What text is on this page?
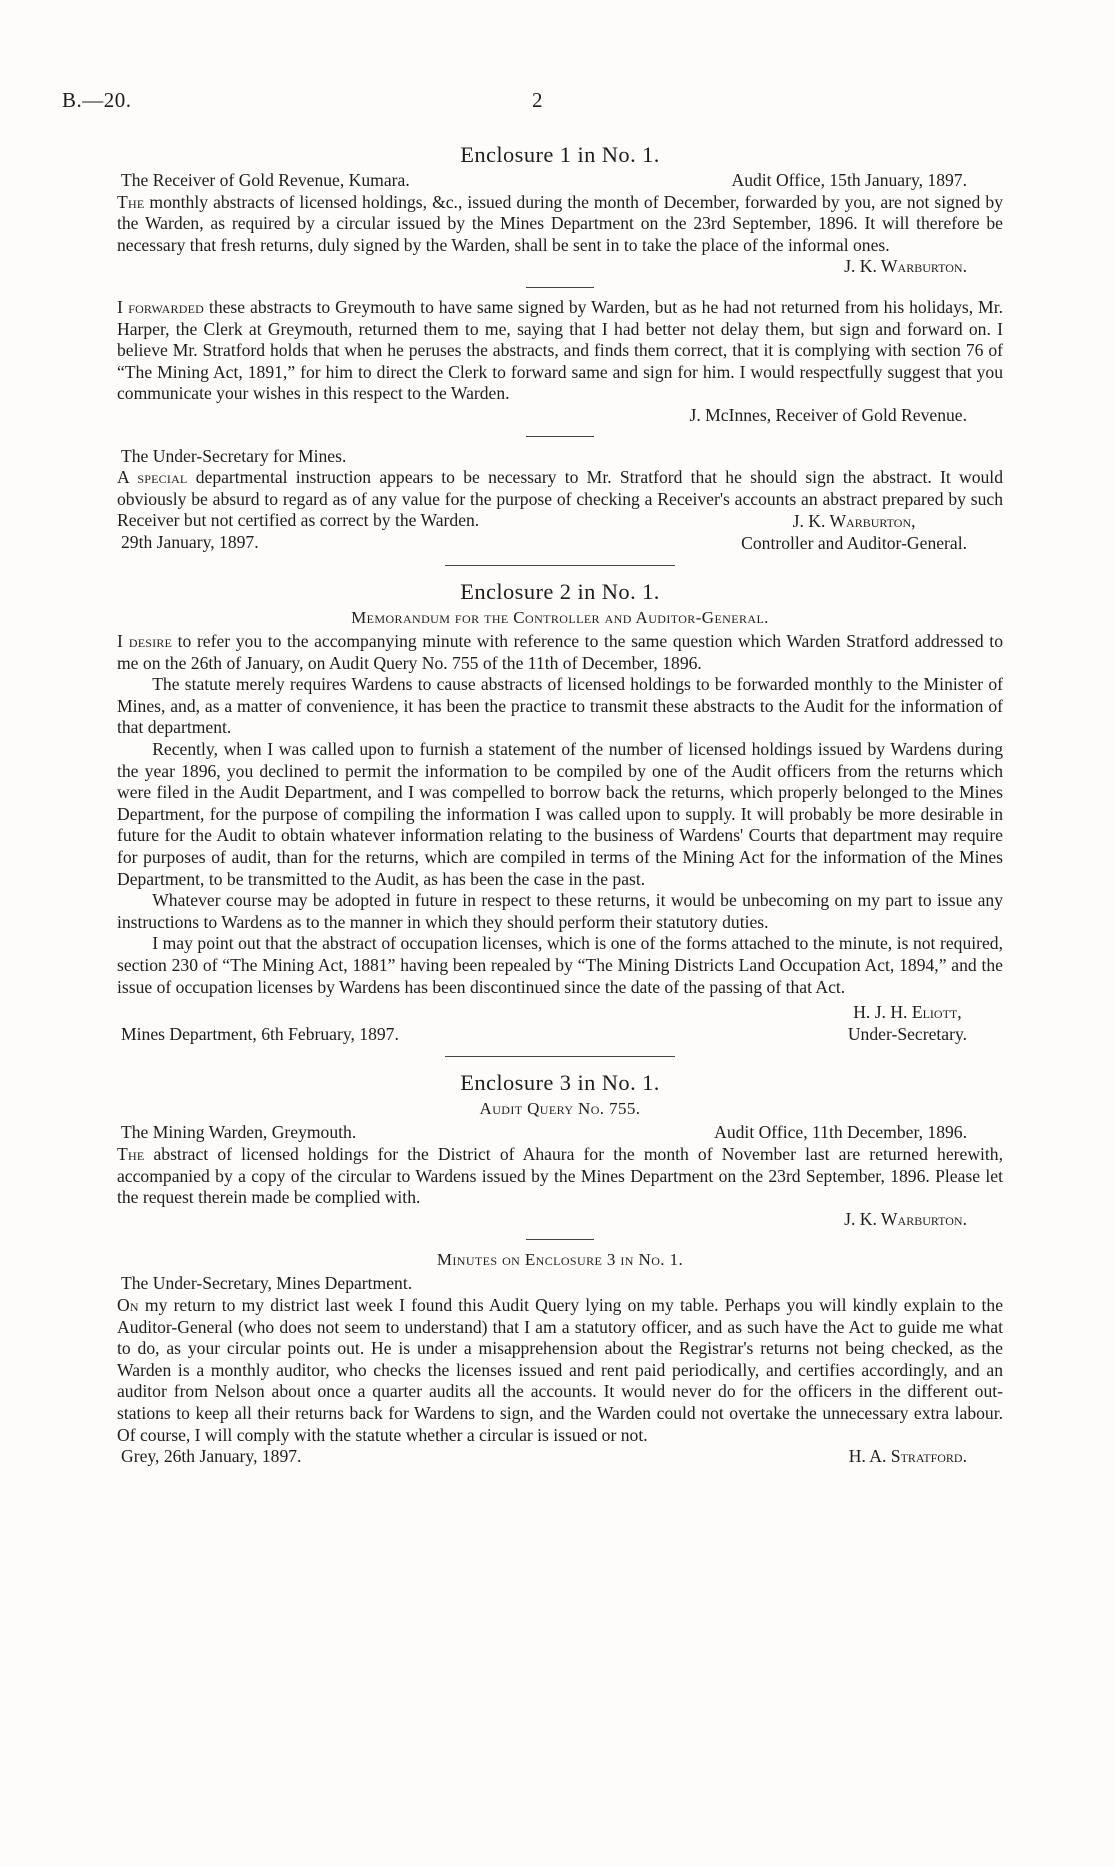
B.—20.	2
Enclosure 1 in No. 1.
The Receiver of Gold Revenue, Kumara.	Audit Office, 15th January, 1897.

The monthly abstracts of licensed holdings, &c., issued during the month of December, forwarded by you, are not signed by the Warden, as required by a circular issued by the Mines Department on the 23rd September, 1896. It will therefore be necessary that fresh returns, duly signed by the Warden, shall be sent in to take the place of the informal ones.

J. K. Warburton.

I forwarded these abstracts to Greymouth to have same signed by Warden, but as he had not returned from his holidays, Mr. Harper, the Clerk at Greymouth, returned them to me, saying that I had better not delay them, but sign and forward on. I believe Mr. Stratford holds that when he peruses the abstracts, and finds them correct, that it is complying with section 76 of “The Mining Act, 1891,” for him to direct the Clerk to forward same and sign for him. I would respectfully suggest that you communicate your wishes in this respect to the Warden.

J. McInnes, Receiver of Gold Revenue.
The Under-Secretary for Mines.

A special departmental instruction appears to be necessary to Mr. Stratford that he should sign the abstract. It would obviously be absurd to regard as of any value for the purpose of checking a Receiver's accounts an abstract prepared by such Receiver but not certified as correct by the Warden.

29th January, 1897.
J. K. Warburton,
Controller and Auditor-General.
Enclosure 2 in No. 1.
Memorandum for the Controller and Auditor-General.

I desire to refer you to the accompanying minute with reference to the same question which Warden Stratford addressed to me on the 26th of January, on Audit Query No. 755 of the 11th of December, 1896.

The statute merely requires Wardens to cause abstracts of licensed holdings to be forwarded monthly to the Minister of Mines, and, as a matter of convenience, it has been the practice to transmit these abstracts to the Audit for the information of that department.

Recently, when I was called upon to furnish a statement of the number of licensed holdings issued by Wardens during the year 1896, you declined to permit the information to be compiled by one of the Audit officers from the returns which were filed in the Audit Department, and I was compelled to borrow back the returns, which properly belonged to the Mines Department, for the purpose of compiling the information I was called upon to supply. It will probably be more desirable in future for the Audit to obtain whatever information relating to the business of Wardens' Courts that department may require for purposes of audit, than for the returns, which are compiled in terms of the Mining Act for the information of the Mines Department, to be transmitted to the Audit, as has been the case in the past.

Whatever course may be adopted in future in respect to these returns, it would be unbecoming on my part to issue any instructions to Wardens as to the manner in which they should perform their statutory duties.

I may point out that the abstract of occupation licenses, which is one of the forms attached to the minute, is not required, section 230 of “The Mining Act, 1881” having been repealed by “The Mining Districts Land Occupation Act, 1894,” and the issue of occupation licenses by Wardens has been discontinued since the date of the passing of that Act.

Mines Department, 6th February, 1897.
H. J. H. Eliott,
Under-Secretary.
Enclosure 3 in No. 1.
Audit Query No. 755.
The Mining Warden, Greymouth.	Audit Office, 11th December, 1896.

The abstract of licensed holdings for the District of Ahaura for the month of November last are returned herewith, accompanied by a copy of the circular to Wardens issued by the Mines Department on the 23rd September, 1896. Please let the request therein made be complied with.

J. K. Warburton.
Minutes on Enclosure 3 in No. 1.
The Under-Secretary, Mines Department.

On my return to my district last week I found this Audit Query lying on my table. Perhaps you will kindly explain to the Auditor-General (who does not seem to understand) that I am a statutory officer, and as such have the Act to guide me what to do, as your circular points out. He is under a misapprehension about the Registrar's returns not being checked, as the Warden is a monthly auditor, who checks the licenses issued and rent paid periodically, and certifies accordingly, and an auditor from Nelson about once a quarter audits all the accounts. It would never do for the officers in the different out-stations to keep all their returns back for Wardens to sign, and the Warden could not overtake the unnecessary extra labour. Of course, I will comply with the statute whether a circular is issued or not.

Grey, 26th January, 1897.	H. A. Stratford.
